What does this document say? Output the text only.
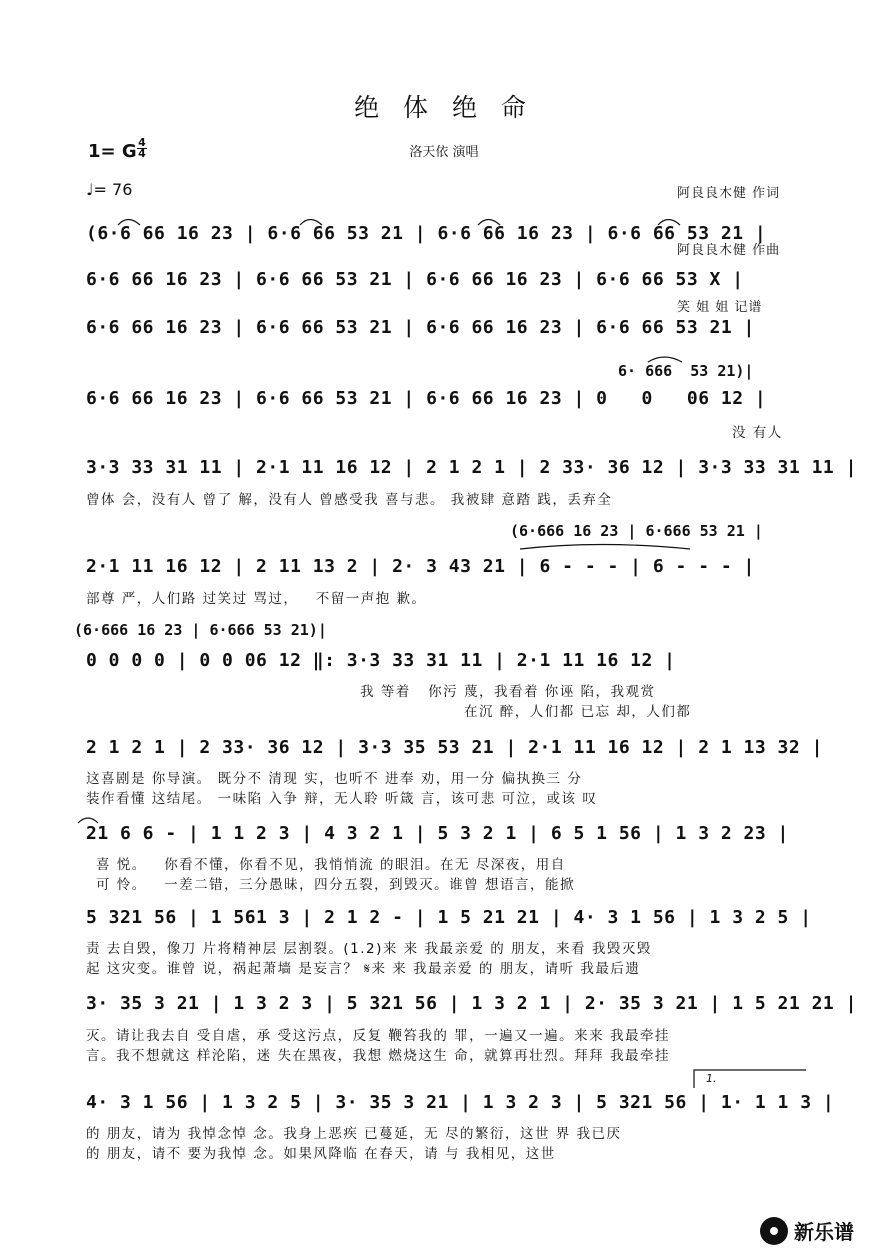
绝 体 绝 命
1= G 4
4
♩= 76
洛天依 演唱

阿良良木健 作词

阿良良木健 作曲

笑 姐 姐 记谱

(6·6 66 16 23 | 6·6 66 53 21 | 6·6 66 16 23 | 6·6 66 53 21 |
6·6 66 16 23 | 6·6 66 53 21 | 6·6 66 16 23 | 6·6 66 53 X |
6·6 66 16 23 | 6·6 66 53 21 | 6·6 66 16 23 | 6·6 66 53 21 |
6· 666  53 21)|
6·6 66 16 23 | 6·6 66 53 21 | 6·6 66 16 23 | 0   0   06 12 |
没 有人
3·3 33 31 11 | 2·1 11 16 12 | 2 1 2 1 | 2 33· 36 12 | 3·3 33 31 11 |
曾体 会，没有人 曾了 解，没有人 曾感受我 喜与悲。 我被肆 意踏 践，丢弃全
(6·666 16 23 | 6·666 53 21 |
2·1 11 16 12 | 2 11 13 2 | 2· 3 43 21 | 6 - - - | 6 - - - |
部尊 严，人们路 过笑过 骂过，   不留一声抱 歉。
(6·666 16 23 | 6·666 53 21)|
0 0 0 0 | 0 0 06 12 ‖: 3·3 33 31 11 | 2·1 11 16 12 |
我 等着   你污 蔑，我看着 你诬 陷，我观赏
在沉 醉，人们都 已忘 却，人们都
2 1 2 1 | 2 33· 36 12 | 3·3 35 53 21 | 2·1 11 16 12 | 2 1 13 32 |
这喜剧是 你导演。 既分不 清现 实，也听不 进奉 劝，用一分 偏执换三 分
装作看懂 这结尾。 一味陷 入争 辩，无人聆 听箴 言，该可悲 可泣，或该 叹
21 6 6 - | 1 1 2 3 | 4 3 2 1 | 5 3 2 1 | 6 5 1 56 | 1 3 2 23 |
喜 悦。   你看不懂，你看不见，我悄悄流 的眼泪。在无 尽深夜，用自
可 怜。   一差二错，三分愚昧，四分五裂，到毁灭。谁曾 想语言，能掀
5 321 56 | 1 561 3 | 2 1 2 - | 1 5 21 21 | 4· 3 1 56 | 1 3 2 5 |
责 去自毁，像刀 片将精神层 层割裂。(1.2)来 来 我最亲爱 的 朋友，来看 我毁灭毁
起 这灾变。谁曾 说，祸起萧墙 是妄言？ 𝄋来 来 我最亲爱 的 朋友，请听 我最后遗
3· 35 3 21 | 1 3 2 3 | 5 321 56 | 1 3 2 1 | 2· 35 3 21 | 1 5 21 21 |
灭。请让我去自 受自虐，承 受这污点，反复 鞭笞我的 罪，一遍又一遍。来来 我最牵挂
言。我不想就这 样沦陷，迷 失在黑夜，我想 燃烧这生 命，就算再壮烈。拜拜 我最牵挂
1.
4· 3 1 56 | 1 3 2 5 | 3· 35 3 21 | 1 3 2 3 | 5 321 56 | 1· 1 1 3 |
的 朋友，请为 我悼念悼 念。我身上恶疾 已蔓延，无 尽的繁衍，这世 界 我已厌
的 朋友，请不 要为我悼 念。如果风降临 在春天，请 与 我相见，这世
新乐谱
